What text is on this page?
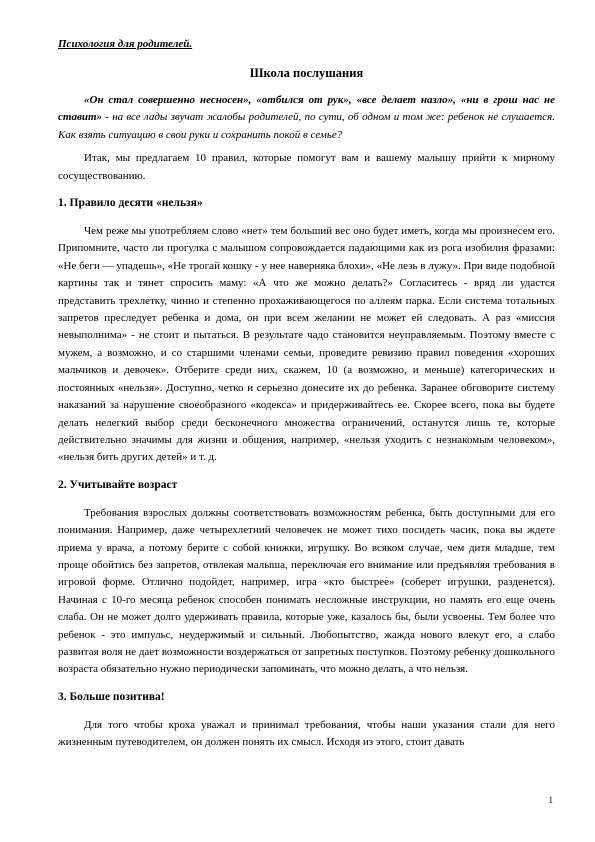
Психология для родителей.
Школа послушания

«Он стал совершенно несносен», «отбился от рук», «все делает назло», «ни в грош нас не ставит» - на все лады звучат жалобы родителей, по сути, об одном и том же: ребенок не слушается. Как взять ситуацию в свои руки и сохранить покой в семье?

Итак, мы предлагаем 10 правил, которые помогут вам и вашему малышу прийти к мирному сосуществованию.

1. Правило десяти «нельзя»

Чем реже мы употребляем слово «нет» тем больший вес оно будет иметь, когда мы произнесем его. Припомните, часто ли прогулка с малышом сопровождается падающими как из рога изобилия фразами: «Не беги — упадешь», «Не трогай кошку - у нее наверняка блохи», «Не лезь в лужу». При виде подобной картины так и тянет спросить маму: «А что же можно делать?» Согласитесь - вряд ли удастся представить трехлетку, чинно и степенно прохаживающегося по аллеям парка. Если система тотальных запретов преследует ребенка и дома, он при всем желании не может ей следовать. А раз «миссия невыполнима» - не стоит и пытаться. В результате чадо становится неуправляемым. Поэтому вместе с мужем, а возможно, и со старшими членами семьи, проведите ревизию правил поведения «хороших мальчиков и девочек». Отберите среди них, скажем, 10 (а возможно, и меньше) категорических и постоянных «нельзя». Доступно, четко и серьезно донесите их до ребенка. Заранее обговорите систему наказаний за нарушение своеобразного «кодекса» и придерживайтесь ее. Скорее всего, пока вы будете делать нелегкий выбор среди бесконечного множества ограничений, останутся лишь те, которые действительно значимы для жизни и общения, например, «нельзя уходить с незнакомым человеком», «нельзя бить других детей» и т. д.

2. Учитывайте возраст

Требования взрослых должны соответствовать возможностям ребенка, быть доступными для его понимания. Например, даже четырехлетний человечек не может тихо посидеть часик, пока вы ждете приема у врача, а потому берите с собой книжки, игрушку. Во всяком случае, чем дитя младше, тем проще обойтись без запретов, отвлекая малыша, переключая его внимание или предъявляя требования в игровой форме. Отлично подойдет, например, игра «кто быстрее» (соберет игрушки, разденется). Начиная с 10-го месяца ребенок способен понимать несложные инструкции, но память его еще очень слаба. Он не может долго удерживать правила, которые уже, казалось бы, были усвоены. Тем более что ребенок - это импульс, неудержимый и сильный. Любопытство, жажда нового влекут его, а слабо развитая воля не дает возможности воздержаться от запретных поступков. Поэтому ребенку дошкольного возраста обязательно нужно периодически запоминать, что можно делать, а что нельзя.

3. Больше позитива!

Для того чтобы кроха уважал и принимал требования, чтобы наши указания стали для него жизненным путеводителем, он должен понять их смысл. Исходя из этого, стоит давать

1
